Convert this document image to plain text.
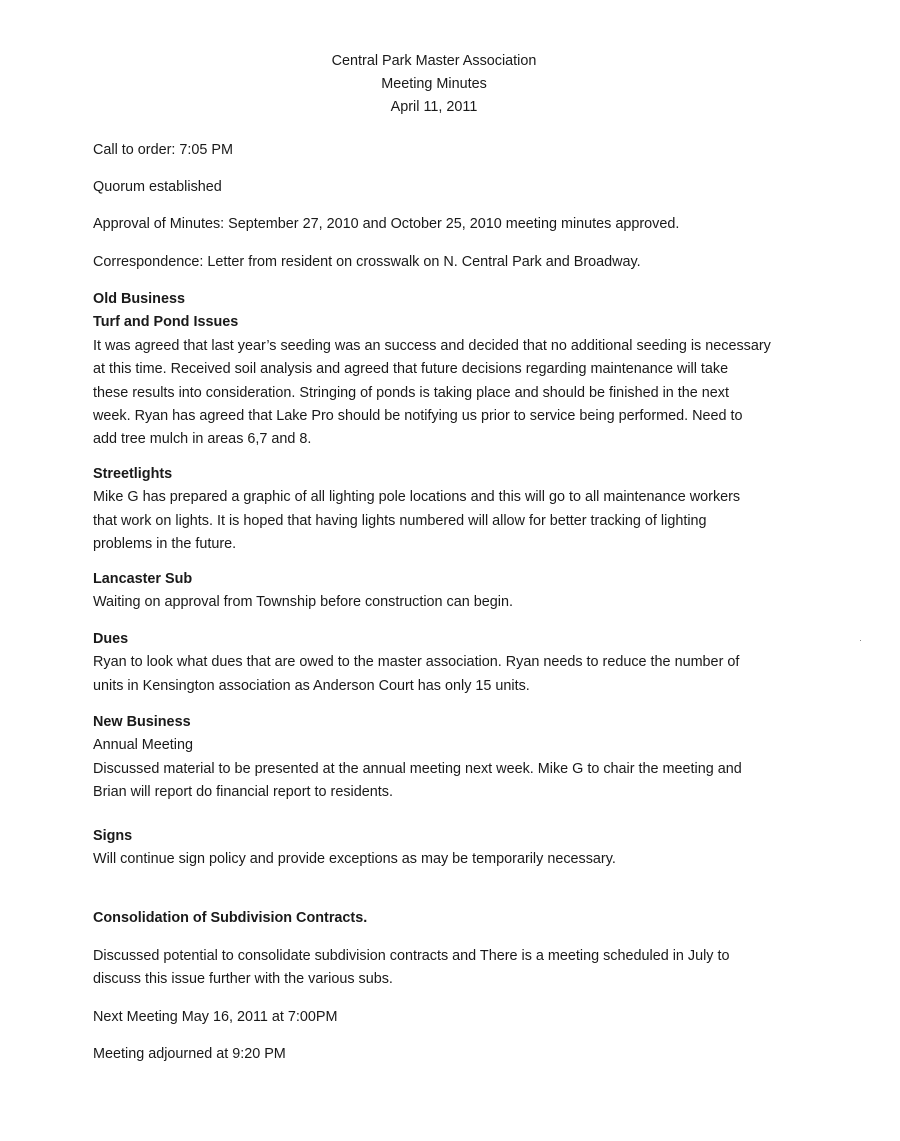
Central Park Master Association
Meeting Minutes
April 11, 2011

Call to order: 7:05 PM

Quorum established

Approval of Minutes: September 27, 2010 and October 25, 2010 meeting minutes approved.

Correspondence: Letter from resident on crosswalk on N. Central Park and Broadway.

Old Business

Turf and Pond Issues

It was agreed that last year’s seeding was an success and decided that no additional seeding is necessary

at this time. Received soil analysis and agreed that future decisions regarding maintenance will take

these results into consideration. Stringing of ponds is taking place and should be finished in the next

week. Ryan has agreed that Lake Pro should be notifying us prior to service being performed. Need to

add tree mulch in areas 6,7 and 8.

Streetlights

Mike G has prepared a graphic of all lighting pole locations and this will go to all maintenance workers

that work on lights. It is hoped that having lights numbered will allow for better tracking of lighting

problems in the future.

Lancaster Sub

Waiting on approval from Township before construction can begin.

Dues

Ryan to look what dues that are owed to the master association. Ryan needs to reduce the number of

units in Kensington association as Anderson Court has only 15 units.

New Business

Annual Meeting

Discussed material to be presented at the annual meeting next week. Mike G to chair the meeting and

Brian will report do financial report to residents.

Signs

Will continue sign policy and provide exceptions as may be temporarily necessary.

Consolidation of Subdivision Contracts.

Discussed potential to consolidate subdivision contracts and There is a meeting scheduled in July to

discuss this issue further with the various subs.

Next Meeting May 16, 2011 at 7:00PM

Meeting adjourned at 9:20 PM
